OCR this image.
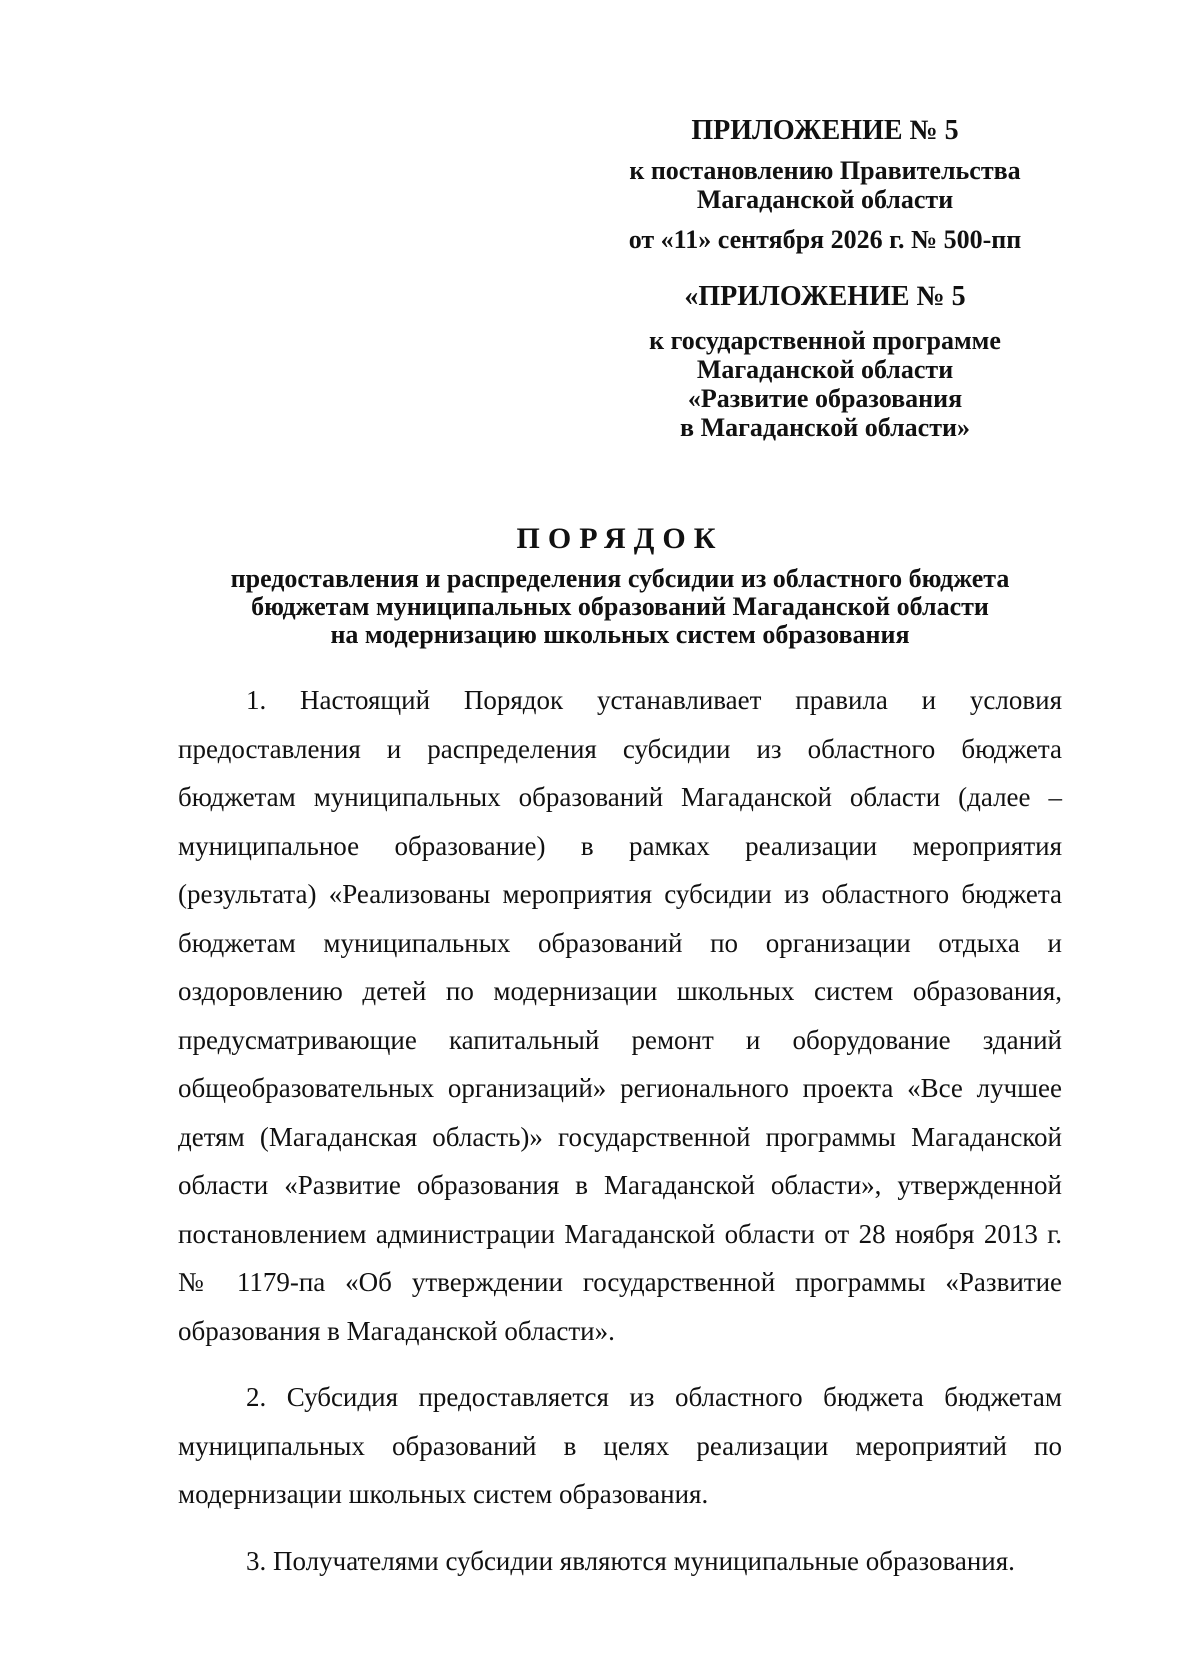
ПРИЛОЖЕНИЕ № 5
к постановлению Правительства
Магаданской области
от «11» сентября 2026 г. № 500-пп
«ПРИЛОЖЕНИЕ № 5
к государственной программе
Магаданской области
«Развитие образования
в Магаданской области»
ПОРЯДОК
предоставления и распределения субсидии из областного бюджета
бюджетам муниципальных образований Магаданской области
на модернизацию школьных систем образования

1. Настоящий Порядок устанавливает правила и условия предоставления и распределения субсидии из областного бюджета бюджетам муниципальных образований Магаданской области (далее – муниципальное образование) в рамках реализации мероприятия (результата) «Реализованы мероприятия субсидии из областного бюджета бюджетам муниципальных образований по организации отдыха и оздоровлению детей по модернизации школьных систем образования, предусматривающие капитальный ремонт и оборудование зданий общеобразовательных организаций» регионального проекта «Все лучшее детям (Магаданская область)» государственной программы Магаданской области «Развитие образования в Магаданской области», утвержденной постановлением администрации Магаданской области от 28 ноября 2013 г. № 1179-па «Об утверждении государственной программы «Развитие образования в Магаданской области».

2. Субсидия предоставляется из областного бюджета бюджетам муниципальных образований в целях реализации мероприятий по модернизации школьных систем образования.

3. Получателями субсидии являются муниципальные образования.
